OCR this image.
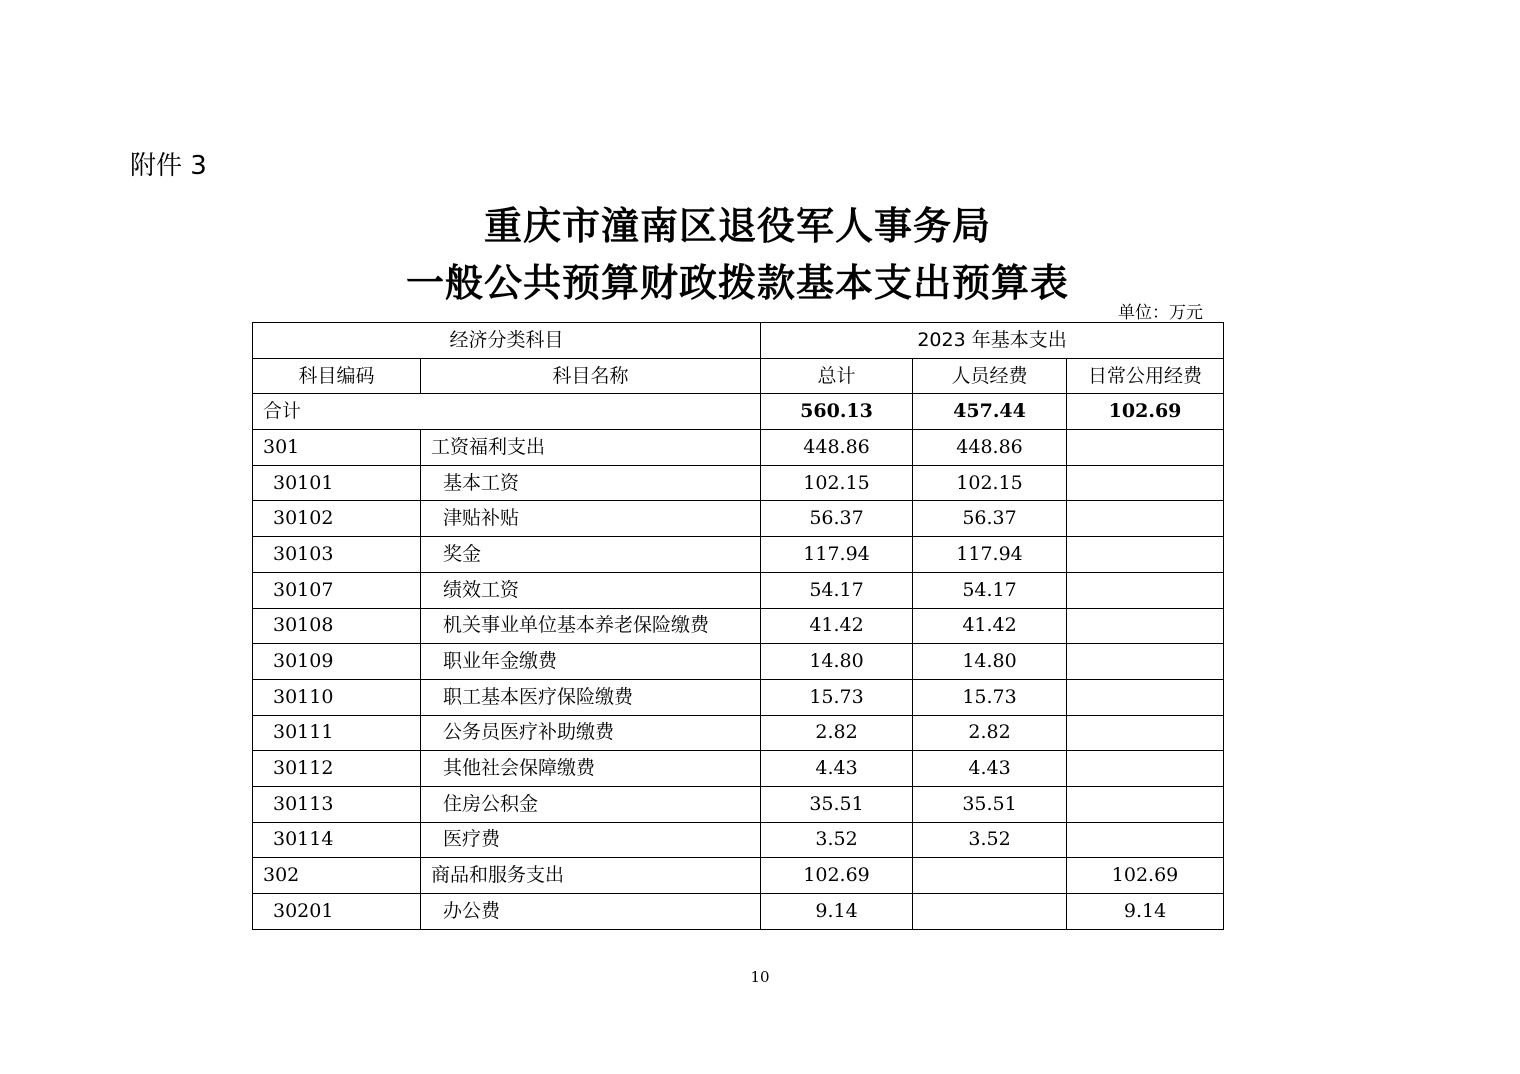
附件 3
重庆市潼南区退役军人事务局
一般公共预算财政拨款基本支出预算表
单位：万元
经济分类科目		2023 年基本支出		
科目编码	科目名称	总计	人员经费	日常公用经费
合计		560.13	457.44	102.69
301	工资福利支出	448.86	448.86	
30101	基本工资	102.15	102.15	
30102	津贴补贴	56.37	56.37	
30103	奖金	117.94	117.94	
30107	绩效工资	54.17	54.17	
30108	机关事业单位基本养老保险缴费	41.42	41.42	
30109	职业年金缴费	14.80	14.80	
30110	职工基本医疗保险缴费	15.73	15.73	
30111	公务员医疗补助缴费	2.82	2.82	
30112	其他社会保障缴费	4.43	4.43	
30113	住房公积金	35.51	35.51	
30114	医疗费	3.52	3.52	
302	商品和服务支出	102.69		102.69
30201	办公费	9.14		9.14
10
